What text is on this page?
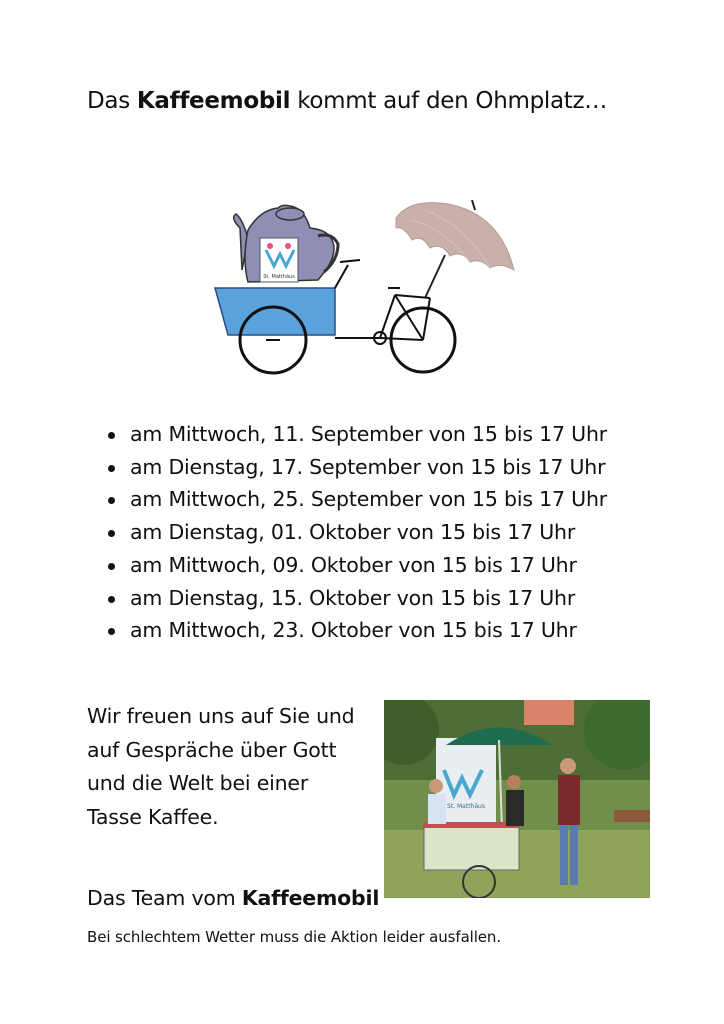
Das Kaffeemobil kommt auf den Ohmplatz…
St. Matthäus
am Mittwoch, 11. September von 15 bis 17 Uhr
am Dienstag, 17. September von 15 bis 17 Uhr
am Mittwoch, 25. September von 15 bis 17 Uhr
am Dienstag, 01. Oktober von 15 bis 17 Uhr
am Mittwoch, 09. Oktober von 15 bis 17 Uhr
am Dienstag, 15. Oktober von 15 bis 17 Uhr
am Mittwoch, 23. Oktober von 15 bis 17 Uhr
Wir freuen uns auf Sie und
auf Gespräche über Gott
und die Welt bei einer
Tasse Kaffee.	St. Matthäus
Das Team vom Kaffeemobil
Bei schlechtem Wetter muss die Aktion leider ausfallen.
